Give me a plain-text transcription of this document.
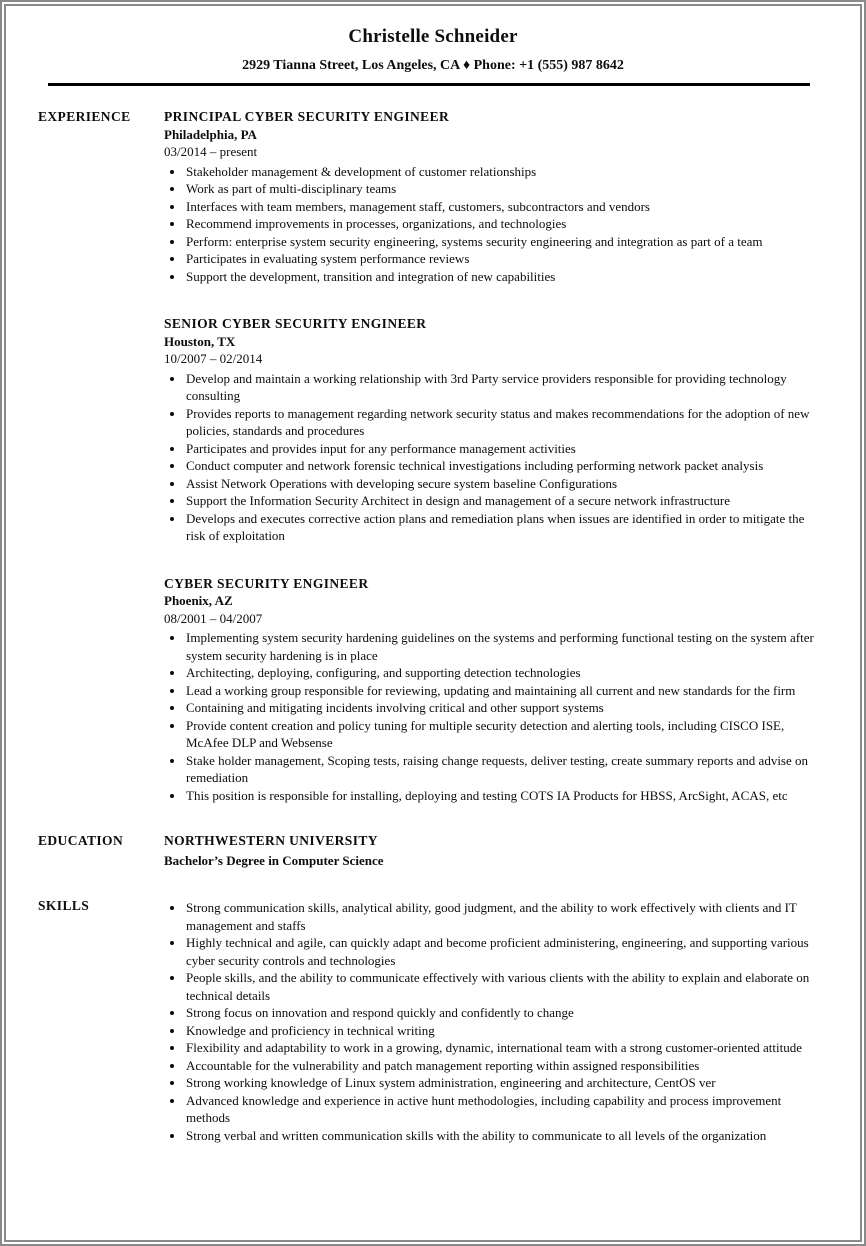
Christelle Schneider
2929 Tianna Street, Los Angeles, CA ♦ Phone: +1 (555) 987 8642
EXPERIENCE	PRINCIPAL CYBER SECURITY ENGINEER
Philadelphia, PA
03/2014 – present
• Stakeholder management & development of customer relationships
• Work as part of multi-disciplinary teams
• Interfaces with team members, management staff, customers, subcontractors and vendors
• Recommend improvements in processes, organizations, and technologies
• Perform: enterprise system security engineering, systems security engineering and integration as part of a team
• Participates in evaluating system performance reviews
• Support the development, transition and integration of new capabilities
SENIOR CYBER SECURITY ENGINEER
Houston, TX
10/2007 – 02/2014
• Develop and maintain a working relationship with 3rd Party service providers responsible for providing technology consulting
• Provides reports to management regarding network security status and makes recommendations for the adoption of new policies, standards and procedures
• Participates and provides input for any performance management activities
• Conduct computer and network forensic technical investigations including performing network packet analysis
• Assist Network Operations with developing secure system baseline Configurations
• Support the Information Security Architect in design and management of a secure network infrastructure
• Develops and executes corrective action plans and remediation plans when issues are identified in order to mitigate the risk of exploitation
CYBER SECURITY ENGINEER
Phoenix, AZ
08/2001 – 04/2007
• Implementing system security hardening guidelines on the systems and performing functional testing on the system after system security hardening is in place
• Architecting, deploying, configuring, and supporting detection technologies
• Lead a working group responsible for reviewing, updating and maintaining all current and new standards for the firm
• Containing and mitigating incidents involving critical and other support systems
• Provide content creation and policy tuning for multiple security detection and alerting tools, including CISCO ISE, McAfee DLP and Websense
• Stake holder management, Scoping tests, raising change requests, deliver testing, create summary reports and advise on remediation
• This position is responsible for installing, deploying and testing COTS IA Products for HBSS, ArcSight, ACAS, etc
EDUCATION	NORTHWESTERN UNIVERSITY
Bachelor’s Degree in Computer Science
SKILLS	• Strong communication skills, analytical ability, good judgment, and the ability to work effectively with clients and IT management and staffs
• Highly technical and agile, can quickly adapt and become proficient administering, engineering, and supporting various cyber security controls and technologies
• People skills, and the ability to communicate effectively with various clients with the ability to explain and elaborate on technical details
• Strong focus on innovation and respond quickly and confidently to change
• Knowledge and proficiency in technical writing
• Flexibility and adaptability to work in a growing, dynamic, international team with a strong customer-oriented attitude
• Accountable for the vulnerability and patch management reporting within assigned responsibilities
• Strong working knowledge of Linux system administration, engineering and architecture, CentOS ver
• Advanced knowledge and experience in active hunt methodologies, including capability and process improvement methods
• Strong verbal and written communication skills with the ability to communicate to all levels of the organization
